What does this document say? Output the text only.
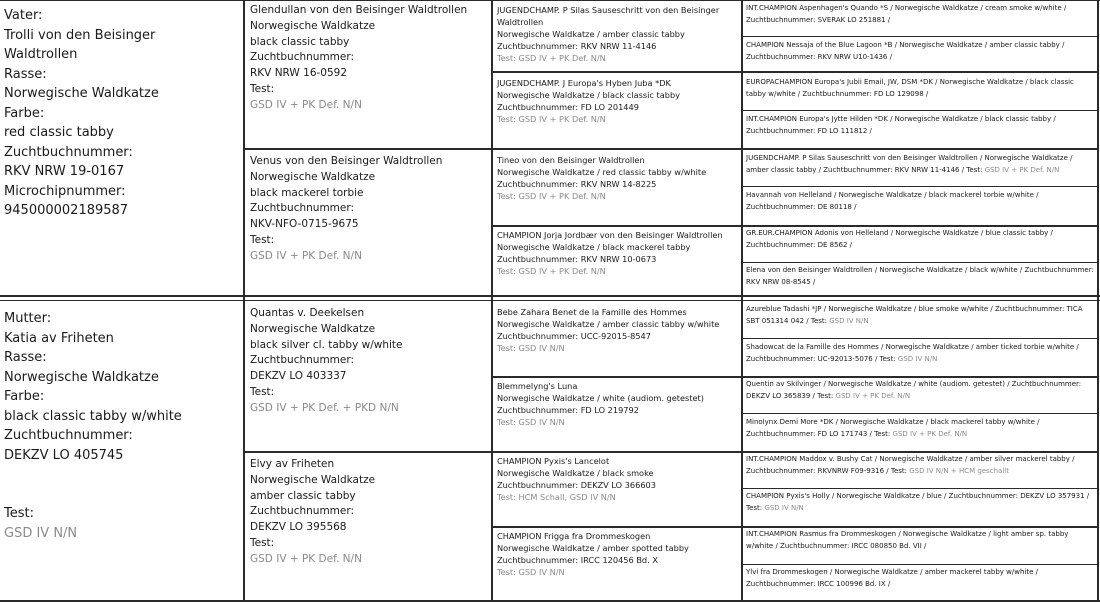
Vater:
Trolli von den Beisinger
Waldtrollen
Rasse:
Norwegische Waldkatze
Farbe:
red classic tabby
Zuchtbuchnummer:
RKV NRW 19-0167
Microchipnummer:
945000002189587
Mutter:
Katia av Friheten
Rasse:
Norwegische Waldkatze
Farbe:
black classic tabby w/white
Zuchtbuchnummer:
DEKZV LO 405745
Test:
GSD IV N/N
Glendullan von den Beisinger Waldtrollen
Norwegische Waldkatze
black classic tabby
Zuchtbuchnummer:
RKV NRW 16-0592
Test:
GSD IV + PK Def. N/N
Venus von den Beisinger Waldtrollen
Norwegische Waldkatze
black mackerel torbie
Zuchtbuchnummer:
NKV-NFO-0715-9675
Test:
GSD IV + PK Def. N/N
Quantas v. Deekelsen
Norwegische Waldkatze
black silver cl. tabby w/white
Zuchtbuchnummer:
DEKZV LO 403337
Test:
GSD IV + PK Def. + PKD N/N
Elvy av Friheten
Norwegische Waldkatze
amber classic tabby
Zuchtbuchnummer:
DEKZV LO 395568
Test:
GSD IV + PK Def. N/N
JUGENDCHAMP. P Silas Sauseschritt von den Beisinger Waldtrollen
Norwegische Waldkatze / amber classic tabby
Zuchtbuchnummer: RKV NRW 11-4146
Test: GSD IV + PK Def. N/N
JUGENDCHAMP. J Europa's Hyben Juba *DK
Norwegische Waldkatze / black classic tabby
Zuchtbuchnummer: FD LO 201449
Test: GSD IV + PK Def. N/N
Tineo von den Beisinger Waldtrollen
Norwegische Waldkatze / red classic tabby w/white
Zuchtbuchnummer: RKV NRW 14-8225
Test: GSD IV + PK Def. N/N
CHAMPION Jorja Jordbær von den Beisinger Waldtrollen
Norwegische Waldkatze / black mackerel tabby
Zuchtbuchnummer: RKV NRW 10-0673
Test: GSD IV + PK Def. N/N
Bebe Zahara Benet de la Famille des Hommes
Norwegische Waldkatze / amber classic tabby w/white
Zuchtbuchnummer: UCC-92015-8547
Test: GSD IV N/N
Blemmelyng's Luna
Norwegische Waldkatze / white (audiom. getestet)
Zuchtbuchnummer: FD LO 219792
Test: GSD IV N/N
CHAMPION Pyxis's Lancelot
Norwegische Waldkatze / black smoke
Zuchtbuchnummer: DEKZV LO 366603
Test: HCM Schall, GSD IV N/N
CHAMPION Frigga fra Drommeskogen
Norwegische Waldkatze / amber spotted tabby
Zuchtbuchnummer: IRCC 120456 Bd. X
Test: GSD IV N/N
INT.CHAMPION Aspenhagen's Quando *S / Norwegische Waldkatze / cream smoke w/white / Zuchtbuchnummer: SVERAK LO 251881 /
CHAMPION Nessaja of the Blue Lagoon *B / Norwegische Waldkatze / amber classic tabby / Zuchtbuchnummer: RKV NRW U10-1436 /
EUROPACHAMPION Europa's Jubii Email, JW, DSM *DK / Norwegische Waldkatze / black classic tabby w/white / Zuchtbuchnummer: FD LO 129098 /
INT.CHAMPION Europa's Jytte Hilden *DK / Norwegische Waldkatze / black classic tabby / Zuchtbuchnummer: FD LO 111812 /
JUGENDCHAMP. P Silas Sauseschritt von den Beisinger Waldtrollen / Norwegische Waldkatze / amber classic tabby / Zuchtbuchnummer: RKV NRW 11-4146 / Test: GSD IV + PK Def. N/N
Havannah von Helleland / Norwegische Waldkatze / black mackerel torbie w/white / Zuchtbuchnummer: DE 80118 /
GR.EUR.CHAMPION Adonis von Helleland / Norwegische Waldkatze / blue classic tabby / Zuchtbuchnummer: DE 8562 /
Elena von den Beisinger Waldtrollen / Norwegische Waldkatze / black w/white / Zuchtbuchnummer: RKV NRW 08-8545 /
Azureblue Tadashi *JP / Norwegische Waldkatze / blue smoke w/white / Zuchtbuchnummer: TICA SBT 051314 042 / Test: GSD IV N/N
Shadowcat de la Famille des Hommes / Norwegische Waldkatze / amber ticked torbie w/white / Zuchtbuchnummer: UC-92013-5076 / Test: GSD IV N/N
Quentin av Skilvinger / Norwegische Waldkatze / white (audiom. getestet) / Zuchtbuchnummer: DEKZV LO 365839 / Test: GSD IV + PK Def. N/N
Minolynx Demi More *DK / Norwegische Waldkatze / black mackerel tabby w/white / Zuchtbuchnummer: FD LO 171743 / Test: GSD IV + PK Def. N/N
INT.CHAMPION Maddox v. Bushy Cat / Norwegische Waldkatze / amber silver mackerel tabby / Zuchtbuchnummer: RKVNRW F09-9316 / Test: GSD IV N/N + HCM geschallt
CHAMPION Pyxis's Holly / Norwegische Waldkatze / blue / Zuchtbuchnummer: DEKZV LO 357931 / Test: GSD IV N/N
INT.CHAMPION Rasmus fra Drommeskogen / Norwegische Waldkatze / light amber sp. tabby w/white / Zuchtbuchnummer: IRCC 080850 Bd. VII /
Ylvi fra Drommeskogen / Norwegische Waldkatze / amber mackerel tabby w/white / Zuchtbuchnummer: IRCC 100996 Bd. IX /
